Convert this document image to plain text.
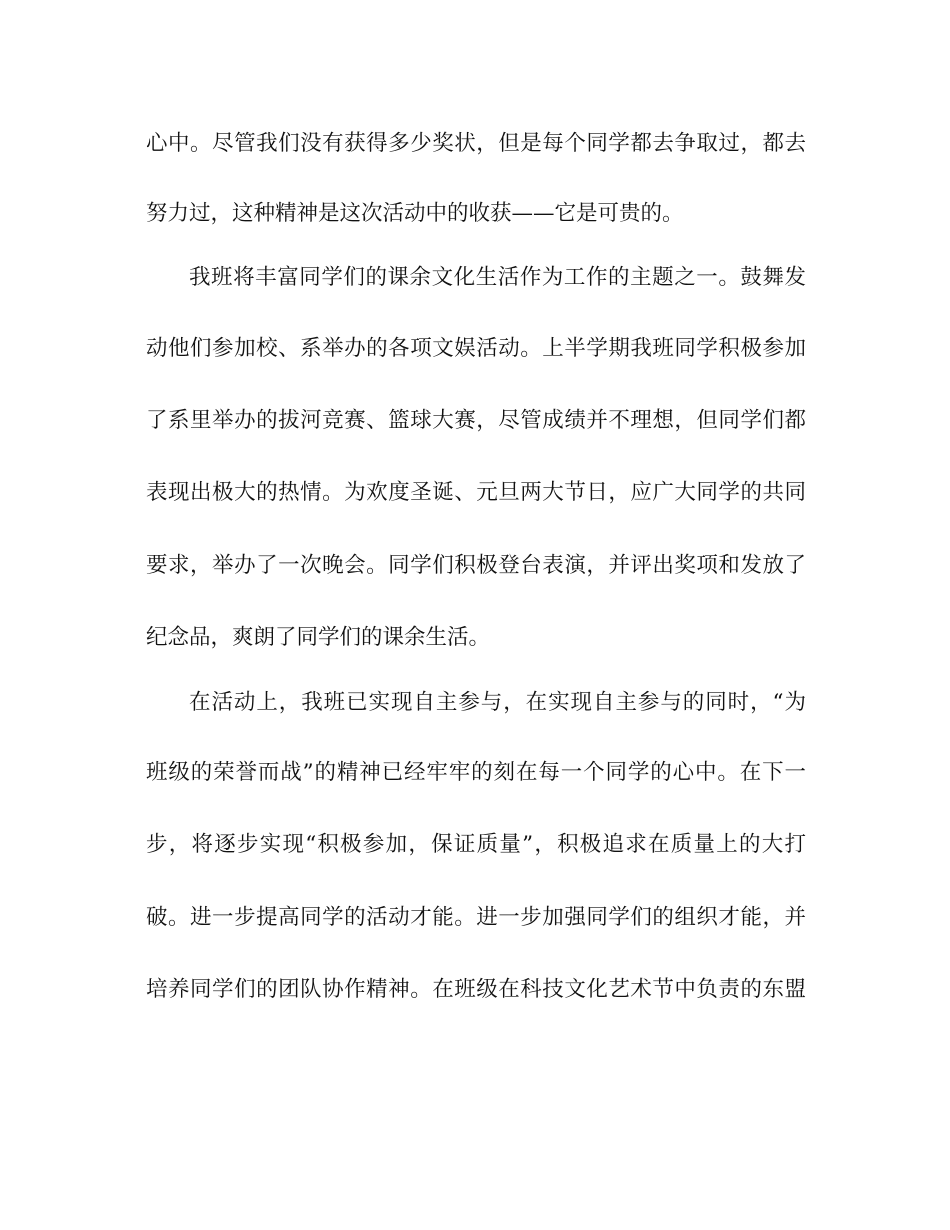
心中。尽管我们没有获得多少奖状，但是每个同学都去争取过，都去
努力过，这种精神是这次活动中的收获——它是可贵的。
我班将丰富同学们的课余文化生活作为工作的主题之一。鼓舞发
动他们参加校、系举办的各项文娱活动。上半学期我班同学积极参加
了系里举办的拔河竞赛、篮球大赛，尽管成绩并不理想，但同学们都
表现出极大的热情。为欢度圣诞、元旦两大节日，应广大同学的共同
要求，举办了一次晚会。同学们积极登台表演，并评出奖项和发放了
纪念品，爽朗了同学们的课余生活。
在活动上，我班已实现自主参与，在实现自主参与的同时，“为
班级的荣誉而战”的精神已经牢牢的刻在每一个同学的心中。在下一
步，将逐步实现“积极参加，保证质量”，积极追求在质量上的大打
破。进一步提高同学的活动才能。进一步加强同学们的组织才能，并
培养同学们的团队协作精神。在班级在科技文化艺术节中负责的东盟
